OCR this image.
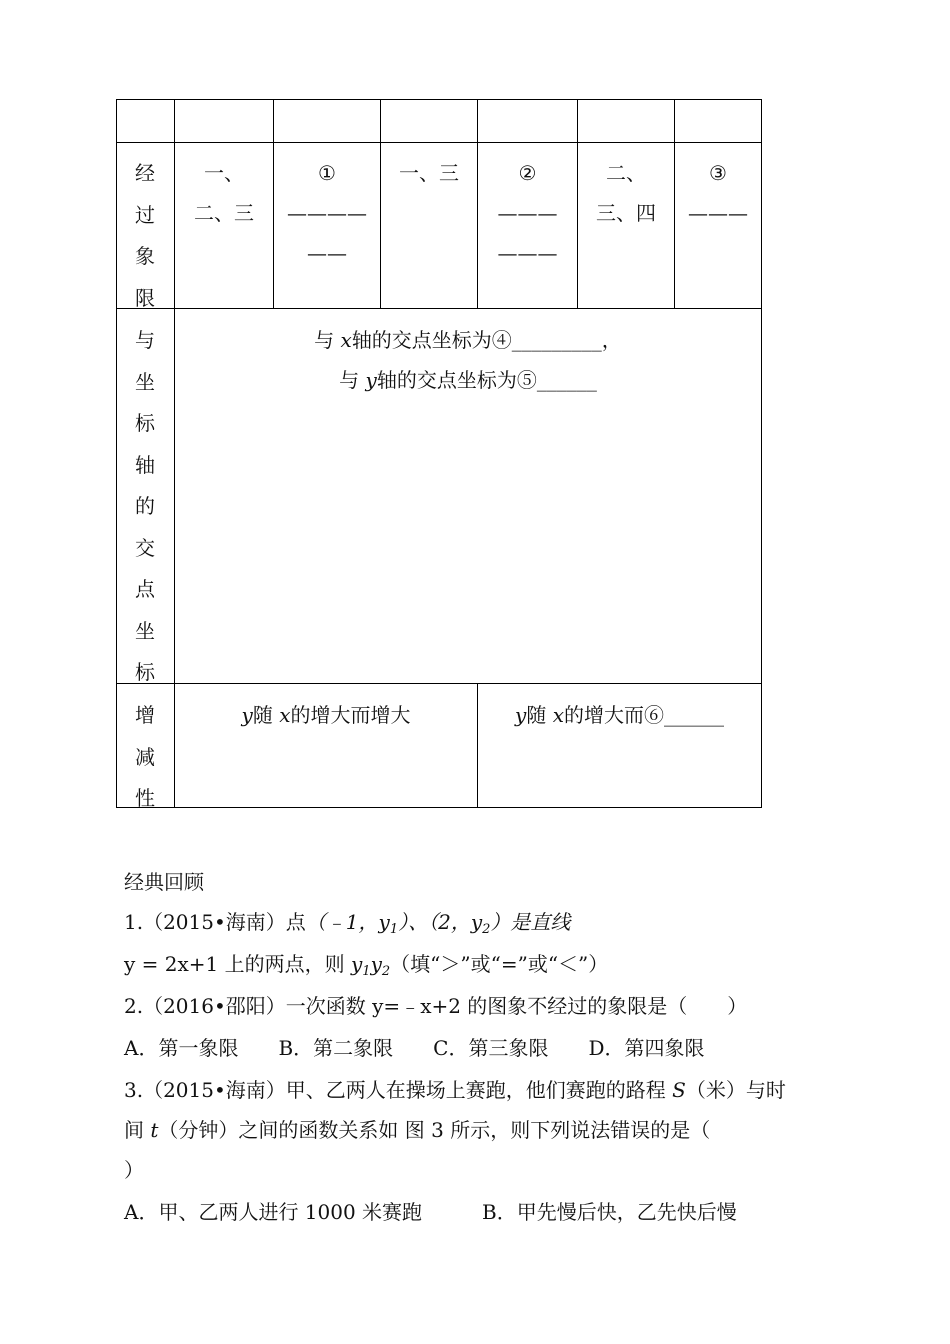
经
过
象
限
与
坐
标
轴
的
交
点
坐
标
增
减
性
一、
二、三
①
————
——
一、三	②
———
———
二、
三、四
③
———
与 x轴的交点坐标为④_________，
与 y轴的交点坐标为⑤______
y随 x的增大而增大	y随 x的增大而⑥______
经典回顾
1.（2015•海南）点（﹣1，$y_1$）、（2，$y_2$）是直线
y = 2x+1 上的两点，则 $y_1y_2$（填“＞”或“=”或“＜”）
2.（2016•邵阳）一次函数 y=﹣x+2 的图象不经过的象限是（　　）
A．第一象限　　B．第二象限　　C．第三象限　　D．第四象限
3.（2015•海南）甲、乙两人在操场上赛跑，他们赛跑的路程 S（米）与时
间 t（分钟）之间的函数关系如 图 3 所示，则下列说法错误的是（
）
A．甲、乙两人进行 1000 米赛跑　　　B．甲先慢后快，乙先快后慢
